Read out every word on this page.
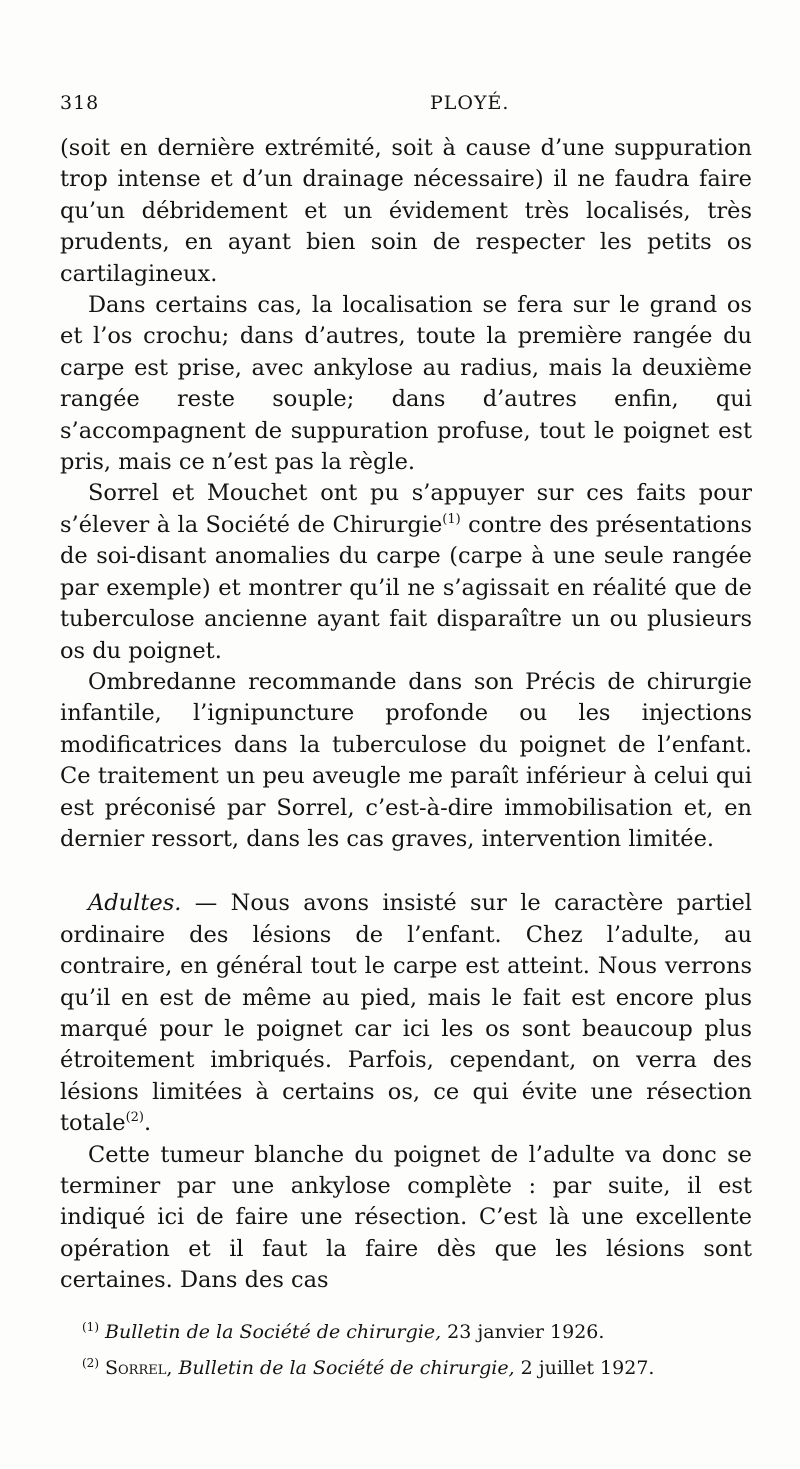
318	PLOYÉ.

(soit en dernière extrémité, soit à cause d’une suppuration trop intense et d’un drainage nécessaire) il ne faudra faire qu’un débridement et un évidement très localisés, très prudents, en ayant bien soin de respecter les petits os cartilagineux.

Dans certains cas, la localisation se fera sur le grand os et l’os crochu; dans d’autres, toute la première rangée du carpe est prise, avec ankylose au radius, mais la deuxième rangée reste souple; dans d’autres enfin, qui s’accompagnent de suppuration profuse, tout le poignet est pris, mais ce n’est pas la règle.

Sorrel et Mouchet ont pu s’appuyer sur ces faits pour s’élever à la Société de Chirurgie$^{(1)}$ contre des présentations de soi-disant anomalies du carpe (carpe à une seule rangée par exemple) et montrer qu’il ne s’agissait en réalité que de tuberculose ancienne ayant fait disparaître un ou plusieurs os du poignet.

Ombredanne recommande dans son Précis de chirurgie infantile, l’ignipuncture profonde ou les injections modificatrices dans la tuberculose du poignet de l’enfant. Ce traitement un peu aveugle me paraît inférieur à celui qui est préconisé par Sorrel, c’est-à-dire immobilisation et, en dernier ressort, dans les cas graves, intervention limitée.

Adultes. — Nous avons insisté sur le caractère partiel ordinaire des lésions de l’enfant. Chez l’adulte, au contraire, en général tout le carpe est atteint. Nous verrons qu’il en est de même au pied, mais le fait est encore plus marqué pour le poignet car ici les os sont beaucoup plus étroitement imbriqués. Parfois, cependant, on verra des lésions limitées à certains os, ce qui évite une résection totale$^{(2)}$.

Cette tumeur blanche du poignet de l’adulte va donc se terminer par une ankylose complète : par suite, il est indiqué ici de faire une résection. C’est là une excellente opération et il faut la faire dès que les lésions sont certaines. Dans des cas

$^{(1)}$ Bulletin de la Société de chirurgie, 23 janvier 1926.
$^{(2)}$ Sorrel, Bulletin de la Société de chirurgie, 2 juillet 1927.
